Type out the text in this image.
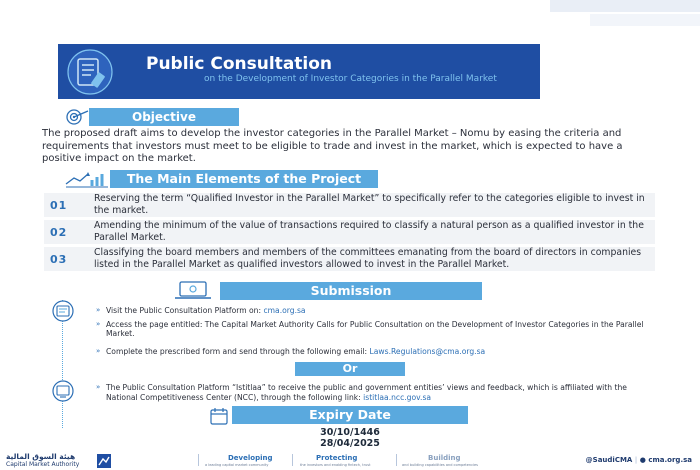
Public Consultation
on the Development of Investor Categories in the Parallel Market
Objective
The proposed draft aims to develop the investor categories in the Parallel Market – Nomu by easing the criteria and requirements that investors must meet to be eligible to trade and invest in the market, which is expected to have a positive impact on the market.
The Main Elements of the Project
01
Reserving the term “Qualified Investor in the Parallel Market” to specifically refer to the categories eligible to invest in the market.
02
Amending the minimum of the value of transactions required to classify a natural person as a qualified investor in the Parallel Market.
03
Classifying the board members and members of the committees emanating from the board of directors in companies listed in the Parallel Market as qualified investors allowed to invest in the Parallel Market.
Submission
» Visit the Public Consultation Platform on: cma.org.sa
» Access the page entitled: The Capital Market Authority Calls for Public Consultation on the Development of Investor Categories in the Parallel Market.
» Complete the prescribed form and send through the following email: Laws.Regulations@cma.org.sa
Or
» The Public Consultation Platform “Istitlaa” to receive the public and government entities’ views and feedback, which is affiliated with the National Competitiveness Center (NCC), through the following link: istitlaa.ncc.gov.sa
Expiry Date
30/10/1446
28/04/2025
هيئة السوق المالية
Capital Market Authority
Developing
a leading capital market community
Protecting
the investors and enabling fintech, trust
Building
and building capabilities and competencies
@SaudiCMA | ● cma.org.sa
